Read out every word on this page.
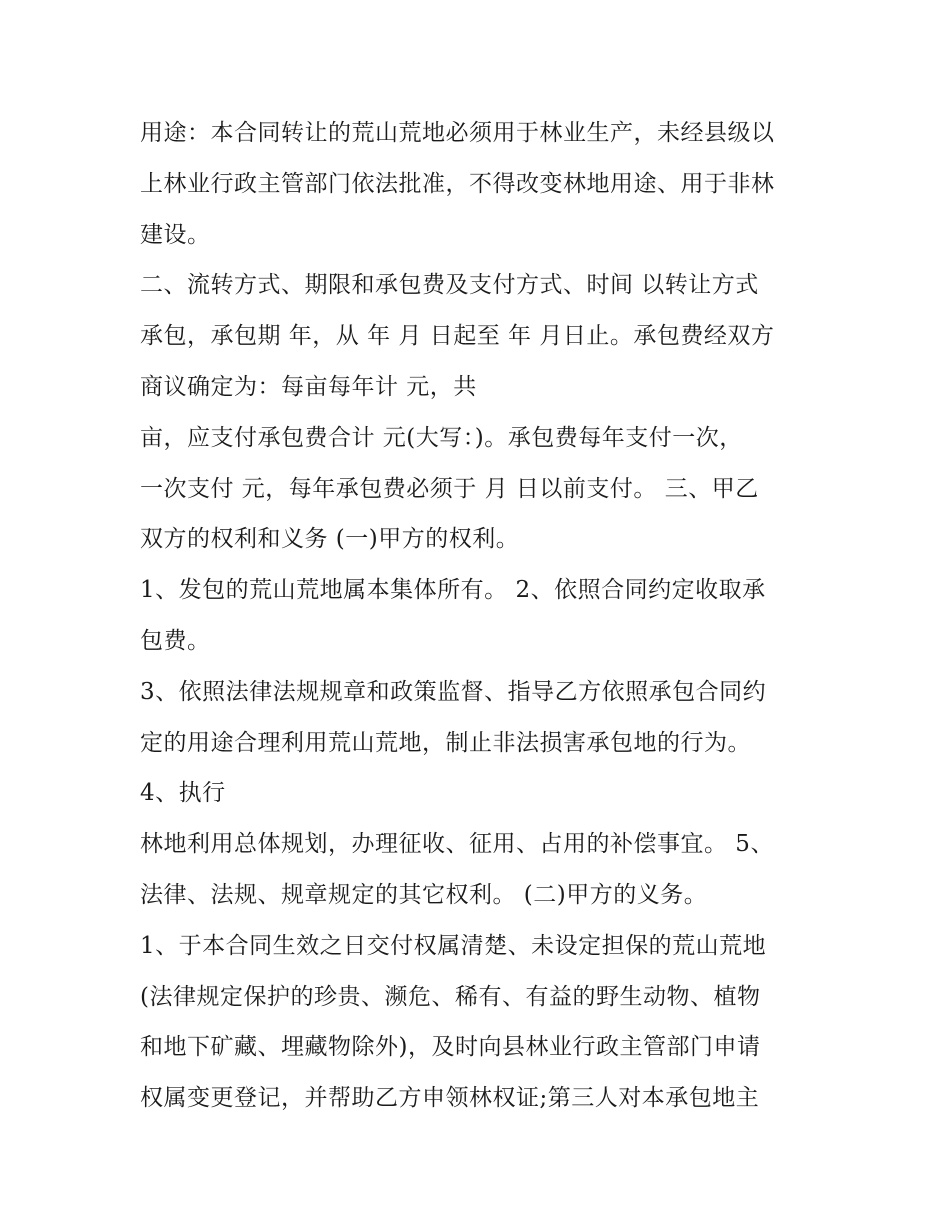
用途：本合同转让的荒山荒地必须用于林业生产，未经县级以
上林业行政主管部门依法批准，不得改变林地用途、用于非林
建设。
二、流转方式、期限和承包费及支付方式、时间 以转让方式
承包，承包期 年，从 年 月 日起至 年 月日止。承包费经双方
商议确定为：每亩每年计 元，共
亩，应支付承包费合计 元(大写：)。承包费每年支付一次，
一次支付 元，每年承包费必须于 月 日以前支付。 三、甲乙
双方的权利和义务 (一)甲方的权利。
1、发包的荒山荒地属本集体所有。 2、依照合同约定收取承
包费。
3、依照法律法规规章和政策监督、指导乙方依照承包合同约
定的用途合理利用荒山荒地，制止非法损害承包地的行为。
4、执行
林地利用总体规划，办理征收、征用、占用的补偿事宜。 5、
法律、法规、规章规定的其它权利。 (二)甲方的义务。
1、于本合同生效之日交付权属清楚、未设定担保的荒山荒地
(法律规定保护的珍贵、濒危、稀有、有益的野生动物、植物
和地下矿藏、埋藏物除外)，及时向县林业行政主管部门申请
权属变更登记，并帮助乙方申领林权证;第三人对本承包地主
